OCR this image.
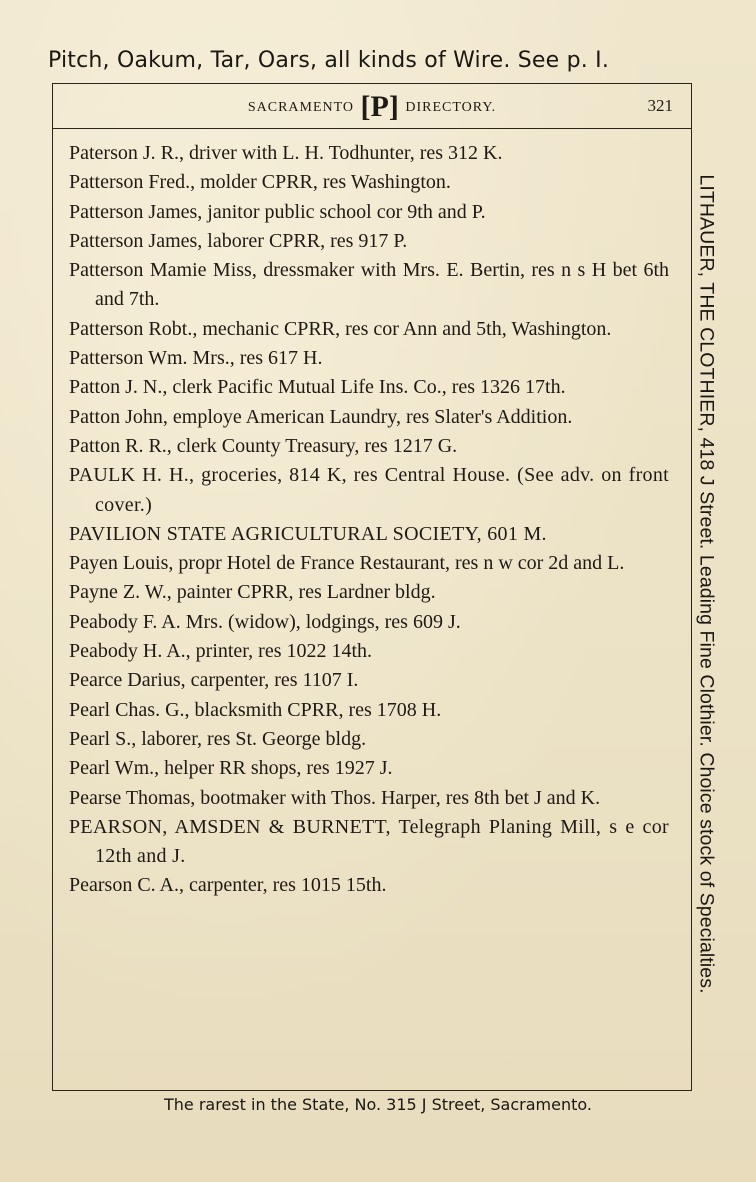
Pitch, Oakum, Tar, Oars, all kinds of Wire. See p. I.
SACRAMENTO [P] DIRECTORY.	321
Paterson J. R., driver with L. H. Todhunter, res 312 K.
Patterson Fred., molder CPRR, res Washington.
Patterson James, janitor public school cor 9th and P.
Patterson James, laborer CPRR, res 917 P.
Patterson Mamie Miss, dressmaker with Mrs. E. Bertin, res n s H bet 6th and 7th.
Patterson Robt., mechanic CPRR, res cor Ann and 5th, Washington.
Patterson Wm. Mrs., res 617 H.
Patton J. N., clerk Pacific Mutual Life Ins. Co., res 1326 17th.
Patton John, employe American Laundry, res Slater's Addition.
Patton R. R., clerk County Treasury, res 1217 G.
PAULK H. H., groceries, 814 K, res Central House. (See adv. on front cover.)
PAVILION STATE AGRICULTURAL SOCIETY, 601 M.
Payen Louis, propr Hotel de France Restaurant, res n w cor 2d and L.
Payne Z. W., painter CPRR, res Lardner bldg.
Peabody F. A. Mrs. (widow), lodgings, res 609 J.
Peabody H. A., printer, res 1022 14th.
Pearce Darius, carpenter, res 1107 I.
Pearl Chas. G., blacksmith CPRR, res 1708 H.
Pearl S., laborer, res St. George bldg.
Pearl Wm., helper RR shops, res 1927 J.
Pearse Thomas, bootmaker with Thos. Harper, res 8th bet J and K.
PEARSON, AMSDEN & BURNETT, Telegraph Planing Mill, s e cor 12th and J.
Pearson C. A., carpenter, res 1015 15th.	LITHAUER, THE CLOTHIER, 418 J Street. Leading Fine Clothier. Choice stock of Specialties.
The rarest in the State, No. 315 J Street, Sacramento.
